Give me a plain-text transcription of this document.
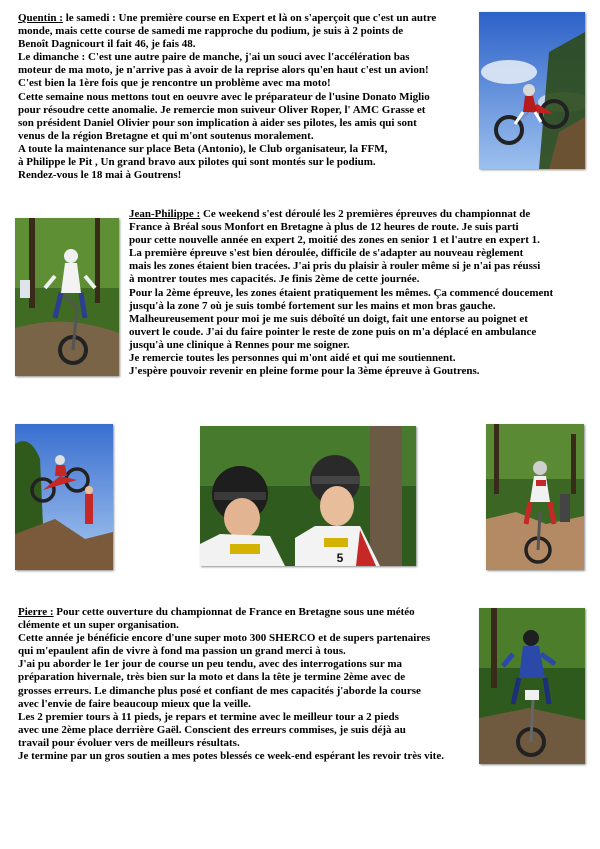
Quentin : le samedi : Une première course en Expert et là on s'aperçoit que c'est un autre

monde, mais cette course de samedi me rapproche du podium, je suis à 2 points de

Benoît Dagnicourt il fait 46, je fais 48.

Le dimanche : C'est une autre paire de manche, j'ai un souci avec l'accélération bas

moteur de ma moto, je n'arrive pas à avoir de la reprise alors qu'en haut c'est un avion!

C'est bien la 1ère fois que je rencontre un problème avec ma moto!

Cette semaine nous mettons tout en oeuvre avec le préparateur de l'usine Donato Miglio

pour résoudre cette anomalie. Je remercie mon suiveur Oliver Roper, l' AMC Grasse et

son président Daniel Olivier pour son implication à aider ses pilotes, les amis qui sont

venus de la région Bretagne et qui m'ont soutenus moralement.

A toute la maintenance sur place Beta (Antonio), le Club organisateur, la FFM,

à Philippe le Pit , Un grand bravo aux pilotes qui sont montés sur le podium.

Rendez-vous le 18 mai à Goutrens!

Jean-Philippe : Ce weekend s'est déroulé les 2 premières épreuves du championnat de

France à Bréal sous Monfort en Bretagne à plus de 12 heures de route. Je suis parti

pour cette nouvelle année en expert 2, moitié des zones en senior 1 et l'autre en expert 1.

La première épreuve s'est bien déroulée, difficile de s'adapter au nouveau règlement

mais les zones étaient bien tracées. J'ai pris du plaisir à rouler même si je n'ai pas réussi

à montrer toutes mes capacités. Je finis 2ème de cette journée.

Pour la 2ème épreuve, les zones étaient pratiquement les mêmes. Ça commencé doucement

jusqu'à la zone 7 où je suis tombé fortement sur les mains et mon bras gauche.

Malheureusement pour moi je me suis déboîté un doigt, fait une entorse au poignet et

ouvert le coude. J'ai du faire pointer le reste de zone puis on m'a déplacé en ambulance

jusqu'à une clinique à Rennes pour me soigner.

Je remercie toutes les personnes qui m'ont aidé et qui me soutiennent.

J'espère pouvoir revenir en pleine forme pour la 3ème épreuve à Goutrens.

5

Pierre : Pour cette ouverture du championnat de France en Bretagne sous une météo

clémente et un super organisation.

Cette année je bénéficie encore d'une super moto 300 SHERCO et de supers partenaires

qui m'epaulent afin de vivre à fond ma passion un grand merci à tous.

J'ai pu aborder le 1er jour de course un peu tendu, avec des interrogations sur ma

préparation hivernale, très bien sur la moto et dans la tête je termine 2ème avec de

grosses erreurs. Le dimanche plus posé et confiant de mes capacités j'aborde la course

avec l'envie de faire beaucoup mieux que la veille.

Les 2 premier tours à 11 pieds, je repars et termine avec le meilleur tour a 2 pieds

avec une 2ème place derrière Gaël. Conscient des erreurs commises, je suis déjà au

travail pour évoluer vers de meilleurs résultats.

Je termine par un gros soutien a mes potes blessés ce week-end espérant les revoir très vite.
